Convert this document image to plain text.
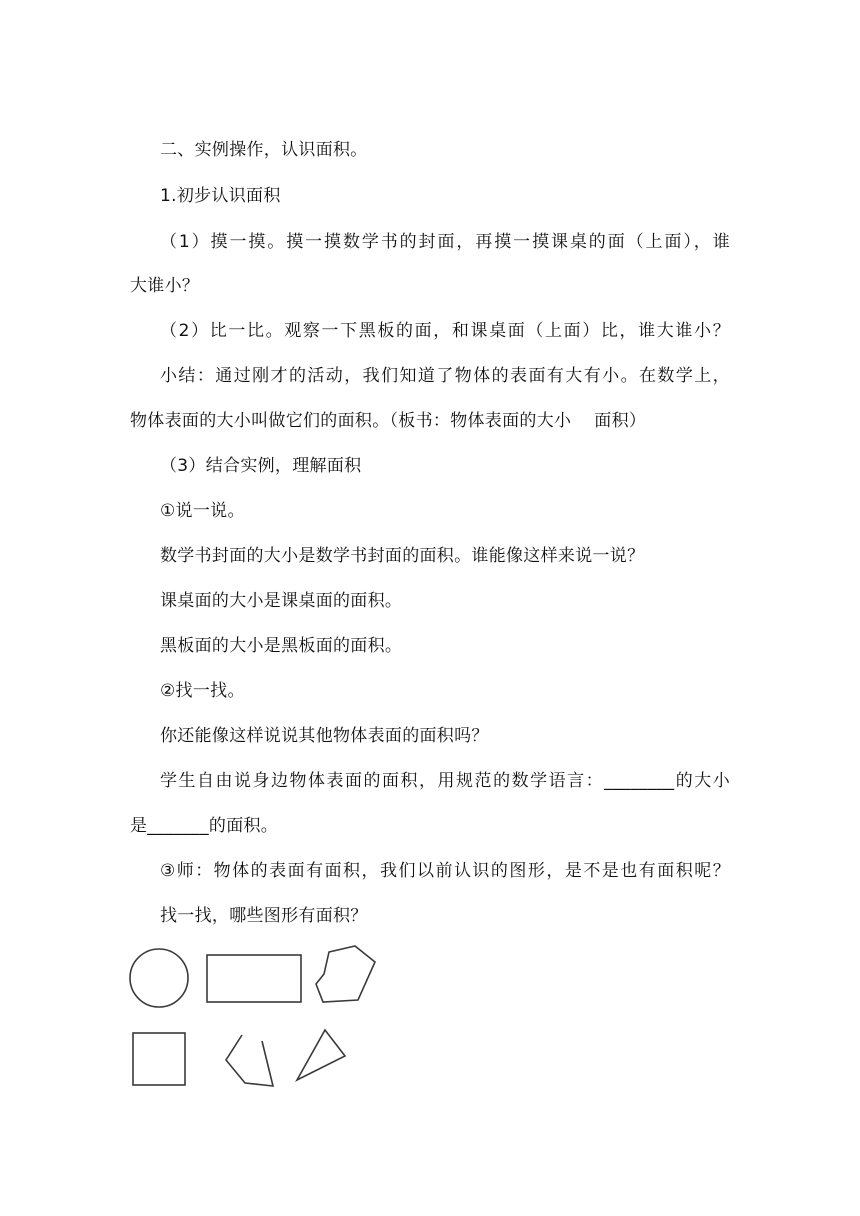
二、实例操作，认识面积。
1.初步认识面积
（1）摸一摸。摸一摸数学书的封面，再摸一摸课桌的面（上面），谁
大谁小？
（2）比一比。观察一下黑板的面，和课桌面（上面）比，谁大谁小？
小结：通过刚才的活动，我们知道了物体的表面有大有小。在数学上，
物体表面的大小叫做它们的面积。（板书：物体表面的大小　 面积）
（3）结合实例，理解面积
①说一说。
数学书封面的大小是数学书封面的面积。谁能像这样来说一说？
课桌面的大小是课桌面的面积。
黑板面的大小是黑板面的面积。
②找一找。
你还能像这样说说其他物体表面的面积吗？
学生自由说身边物体表面的面积，用规范的数学语言：________的大小
是_______的面积。
③师：物体的表面有面积，我们以前认识的图形，是不是也有面积呢？
找一找，哪些图形有面积？
